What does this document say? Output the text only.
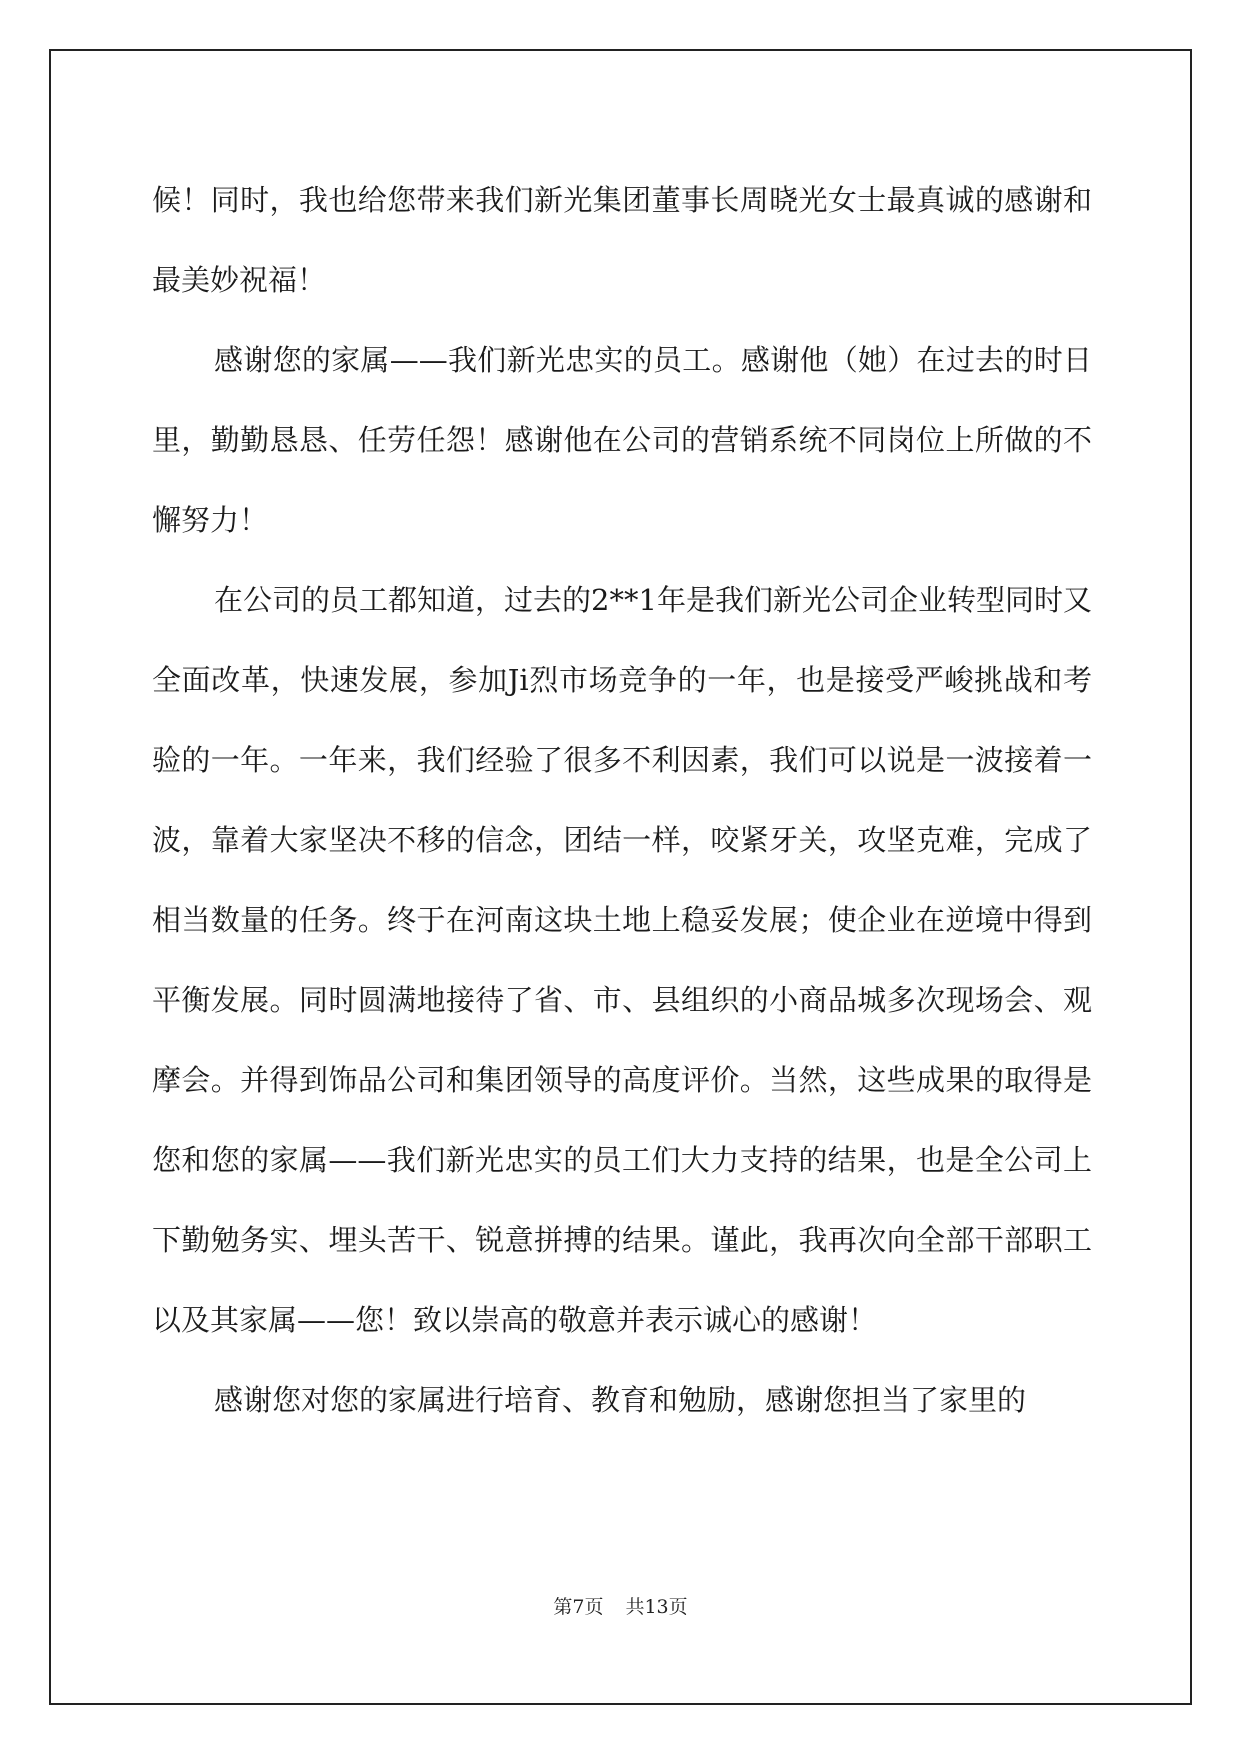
候！同时，我也给您带来我们新光集团董事长周晓光女士最真诚的感谢和最美妙祝福！

感谢您的家属——我们新光忠实的员工。感谢他（她）在过去的时日里，勤勤恳恳、任劳任怨！感谢他在公司的营销系统不同岗位上所做的不懈努力！

在公司的员工都知道，过去的2**1年是我们新光公司企业转型同时又全面改革，快速发展，参加Ji烈市场竞争的一年，也是接受严峻挑战和考验的一年。一年来，我们经验了很多不利因素，我们可以说是一波接着一波，靠着大家坚决不移的信念，团结一样，咬紧牙关，攻坚克难，完成了相当数量的任务。终于在河南这块土地上稳妥发展；使企业在逆境中得到平衡发展。同时圆满地接待了省、市、县组织的小商品城多次现场会、观摩会。并得到饰品公司和集团领导的高度评价。当然，这些成果的取得是您和您的家属——我们新光忠实的员工们大力支持的结果，也是全公司上下勤勉务实、埋头苦干、锐意拼搏的结果。谨此，我再次向全部干部职工以及其家属——您！致以崇高的敬意并表示诚心的感谢！

感谢您对您的家属进行培育、教育和勉励，感谢您担当了家里的

第7页 共13页
